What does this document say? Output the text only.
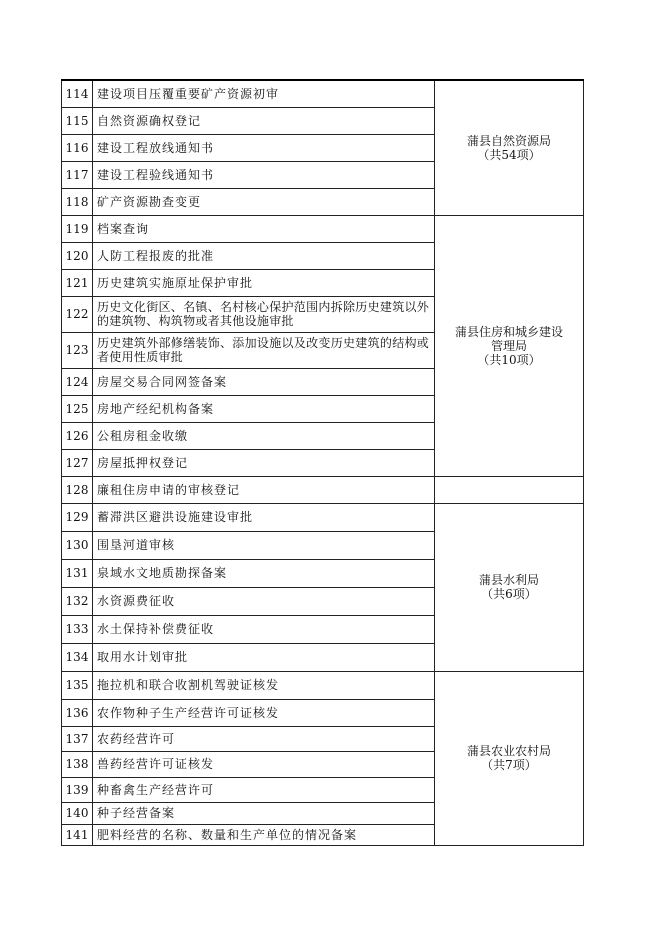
114	建设项目压覆重要矿产资源初审	蒲县自然资源局
（共54项）

115	自然资源确权登记	
116	建设工程放线通知书	
117	建设工程验线通知书	
118	矿产资源勘查变更	
119	档案查询	蒲县住房和城乡建设
管理局
（共10项）

120	人防工程报废的批准	
121	历史建筑实施原址保护审批	
122	历史文化街区、名镇、名村核心保护范围内拆除历史建筑以外的建筑物、构筑物或者其他设施审批	
123	历史建筑外部修缮装饰、添加设施以及改变历史建筑的结构或者使用性质审批	
124	房屋交易合同网签备案	
125	房地产经纪机构备案	
126	公租房租金收缴	
127	房屋抵押权登记	
128	廉租住房申请的审核登记	
129	蓄滞洪区避洪设施建设审批	蒲县水利局
（共6项）

130	围垦河道审核	
131	泉域水文地质勘探备案	
132	水资源费征收	
133	水土保持补偿费征收	
134	取用水计划审批	
135	拖拉机和联合收割机驾驶证核发	蒲县农业农村局
（共7项）

136	农作物种子生产经营许可证核发	
137	农药经营许可	
138	兽药经营许可证核发	
139	种畜禽生产经营许可	
140	种子经营备案	
141	肥料经营的名称、数量和生产单位的情况备案	
